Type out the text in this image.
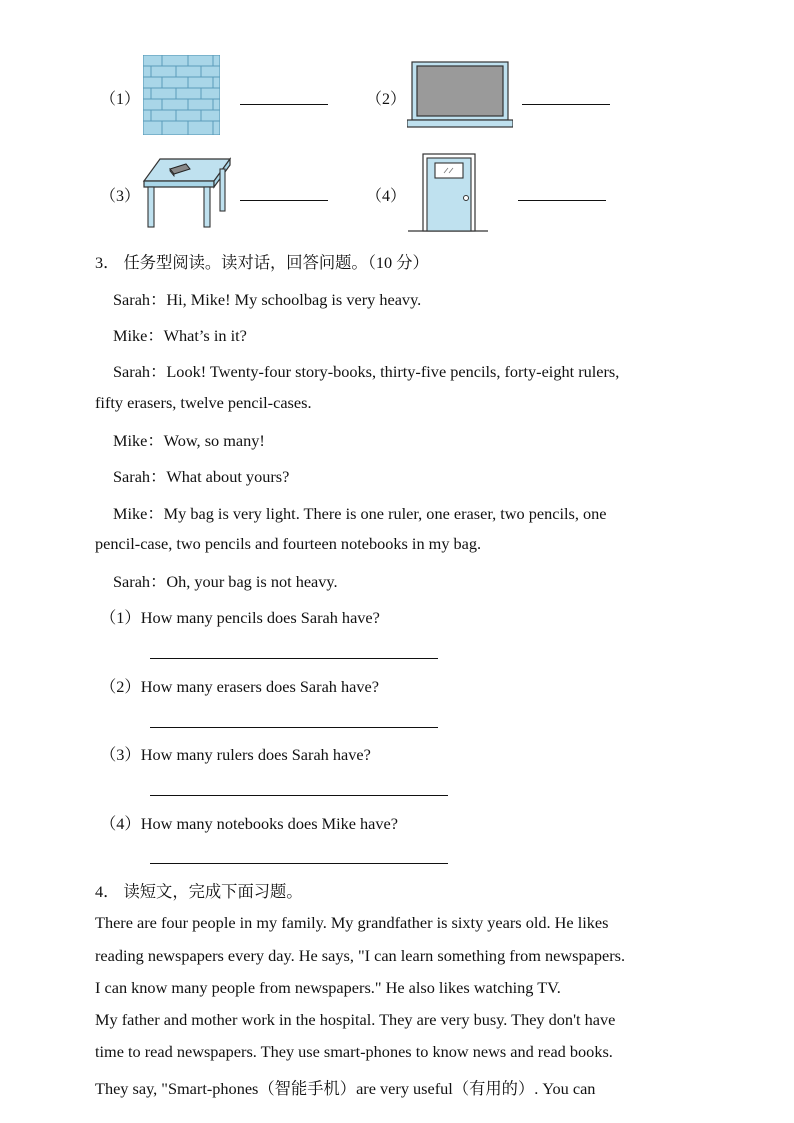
（1）	（2）
（3）	（4）
3． 任务型阅读。读对话，回答问题。（10 分）
Sarah：Hi, Mike! My schoolbag is very heavy.
Mike：What’s in it?
Sarah：Look! Twenty-four story-books, thirty-five pencils, forty-eight rulers,
fifty erasers, twelve pencil-cases.
Mike：Wow, so many!
Sarah：What about yours?
Mike：My bag is very light. There is one ruler, one eraser, two pencils, one
pencil-case, two pencils and fourteen notebooks in my bag.
Sarah：Oh, your bag is not heavy.
（1）How many pencils does Sarah have?
（2）How many erasers does Sarah have?
（3）How many rulers does Sarah have?
（4）How many notebooks does Mike have?
4． 读短文，完成下面习题。
There are four people in my family. My grandfather is sixty years old. He likes
reading newspapers every day. He says, "I can learn something from newspapers.
I can know many people from newspapers." He also likes watching TV.
My father and mother work in the hospital. They are very busy. They don't have
time to read newspapers. They use smart-phones to know news and read books.
They say, "Smart-phones（智能手机）are very useful（有用的）. You can
